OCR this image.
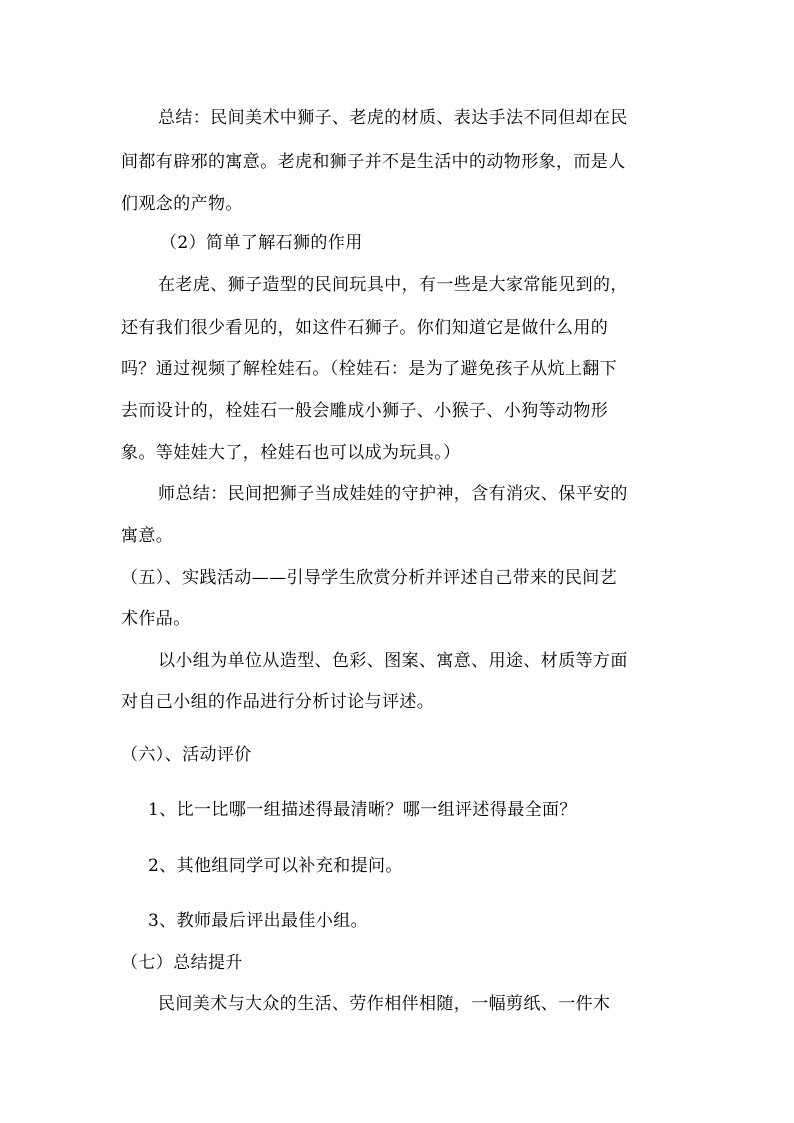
总结：民间美术中狮子、老虎的材质、表达手法不同但却在民
间都有辟邪的寓意。老虎和狮子并不是生活中的动物形象，而是人
们观念的产物。
（2）简单了解石狮的作用
在老虎、狮子造型的民间玩具中，有一些是大家常能见到的，
还有我们很少看见的，如这件石狮子。你们知道它是做什么用的
吗？通过视频了解栓娃石。（栓娃石：是为了避免孩子从炕上翻下
去而设计的，栓娃石一般会雕成小狮子、小猴子、小狗等动物形
象。等娃娃大了，栓娃石也可以成为玩具。）
师总结：民间把狮子当成娃娃的守护神，含有消灾、保平安的
寓意。
（五）、实践活动——引导学生欣赏分析并评述自己带来的民间艺
术作品。
以小组为单位从造型、色彩、图案、寓意、用途、材质等方面
对自己小组的作品进行分析讨论与评述。
（六）、活动评价
1、比一比哪一组描述得最清晰？哪一组评述得最全面？
2、其他组同学可以补充和提问。
3、教师最后评出最佳小组。
（七）总结提升
民间美术与大众的生活、劳作相伴相随，一幅剪纸、一件木
